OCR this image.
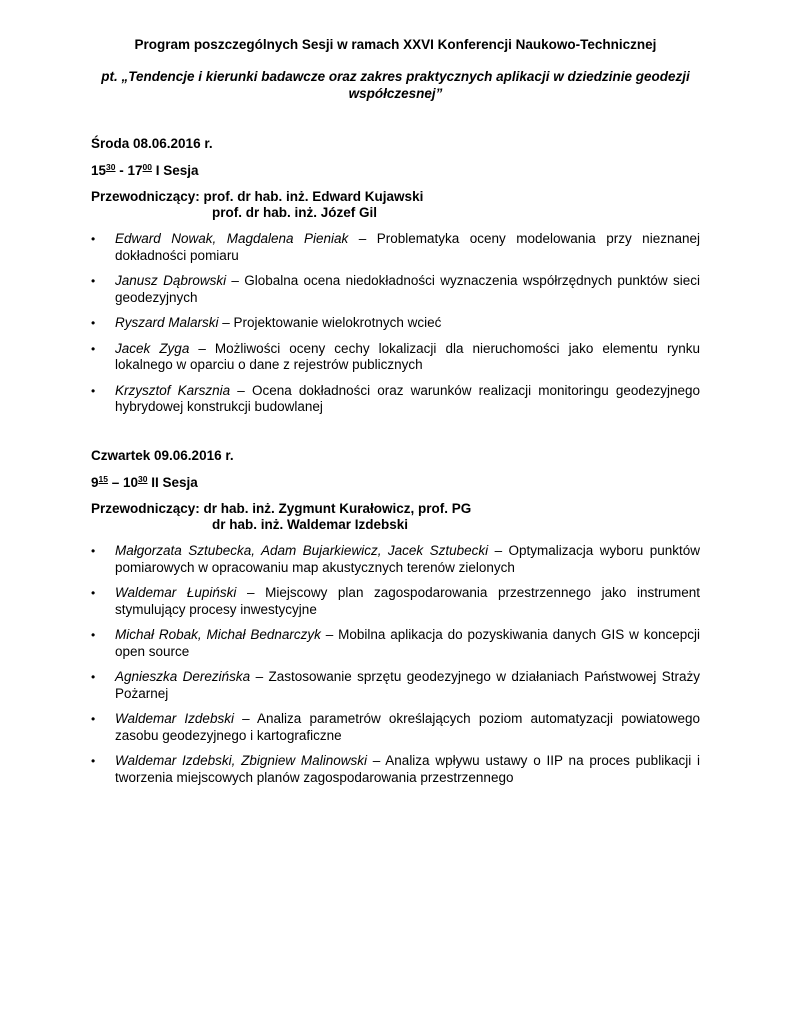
Program poszczególnych Sesji w ramach XXVI Konferencji Naukowo-Technicznej
pt. „Tendencje i kierunki badawcze oraz zakres praktycznych aplikacji w dziedzinie geodezji współczesnej”
Środa 08.06.2016 r.
$15^{30} - 17^{00}$ I Sesja
Przewodniczący: prof. dr hab. inż. Edward Kujawski
prof. dr hab. inż. Józef Gil
•	Edward Nowak, Magdalena Pieniak – Problematyka oceny modelowania przy nieznanej dokładności pomiaru
•	Janusz Dąbrowski – Globalna ocena niedokładności wyznaczenia współrzędnych punktów sieci geodezyjnych
•	Ryszard Malarski – Projektowanie wielokrotnych wcieć
•	Jacek Zyga – Możliwości oceny cechy lokalizacji dla nieruchomości jako elementu rynku lokalnego w oparciu o dane z rejestrów publicznych
•	Krzysztof Karsznia – Ocena dokładności oraz warunków realizacji monitoringu geodezyjnego hybrydowej konstrukcji budowlanej
Czwartek 09.06.2016 r.
$9^{15} - 10^{30}$ II Sesja
Przewodniczący: dr hab. inż. Zygmunt Kurałowicz, prof. PG
dr hab. inż. Waldemar Izdebski
•	Małgorzata Sztubecka, Adam Bujarkiewicz, Jacek Sztubecki – Optymalizacja wyboru punktów pomiarowych w opracowaniu map akustycznych terenów zielonych
•	Waldemar Łupiński – Miejscowy plan zagospodarowania przestrzennego jako instrument stymulujący procesy inwestycyjne
•	Michał Robak, Michał Bednarczyk – Mobilna aplikacja do pozyskiwania danych GIS w koncepcji open source
•	Agnieszka Derezińska – Zastosowanie sprzętu geodezyjnego w działaniach Państwowej Straży Pożarnej
•	Waldemar Izdebski – Analiza parametrów określających poziom automatyzacji powiatowego zasobu geodezyjnego i kartograficzne
•	Waldemar Izdebski, Zbigniew Malinowski – Analiza wpływu ustawy o IIP na proces publikacji i tworzenia miejscowych planów zagospodarowania przestrzennego
